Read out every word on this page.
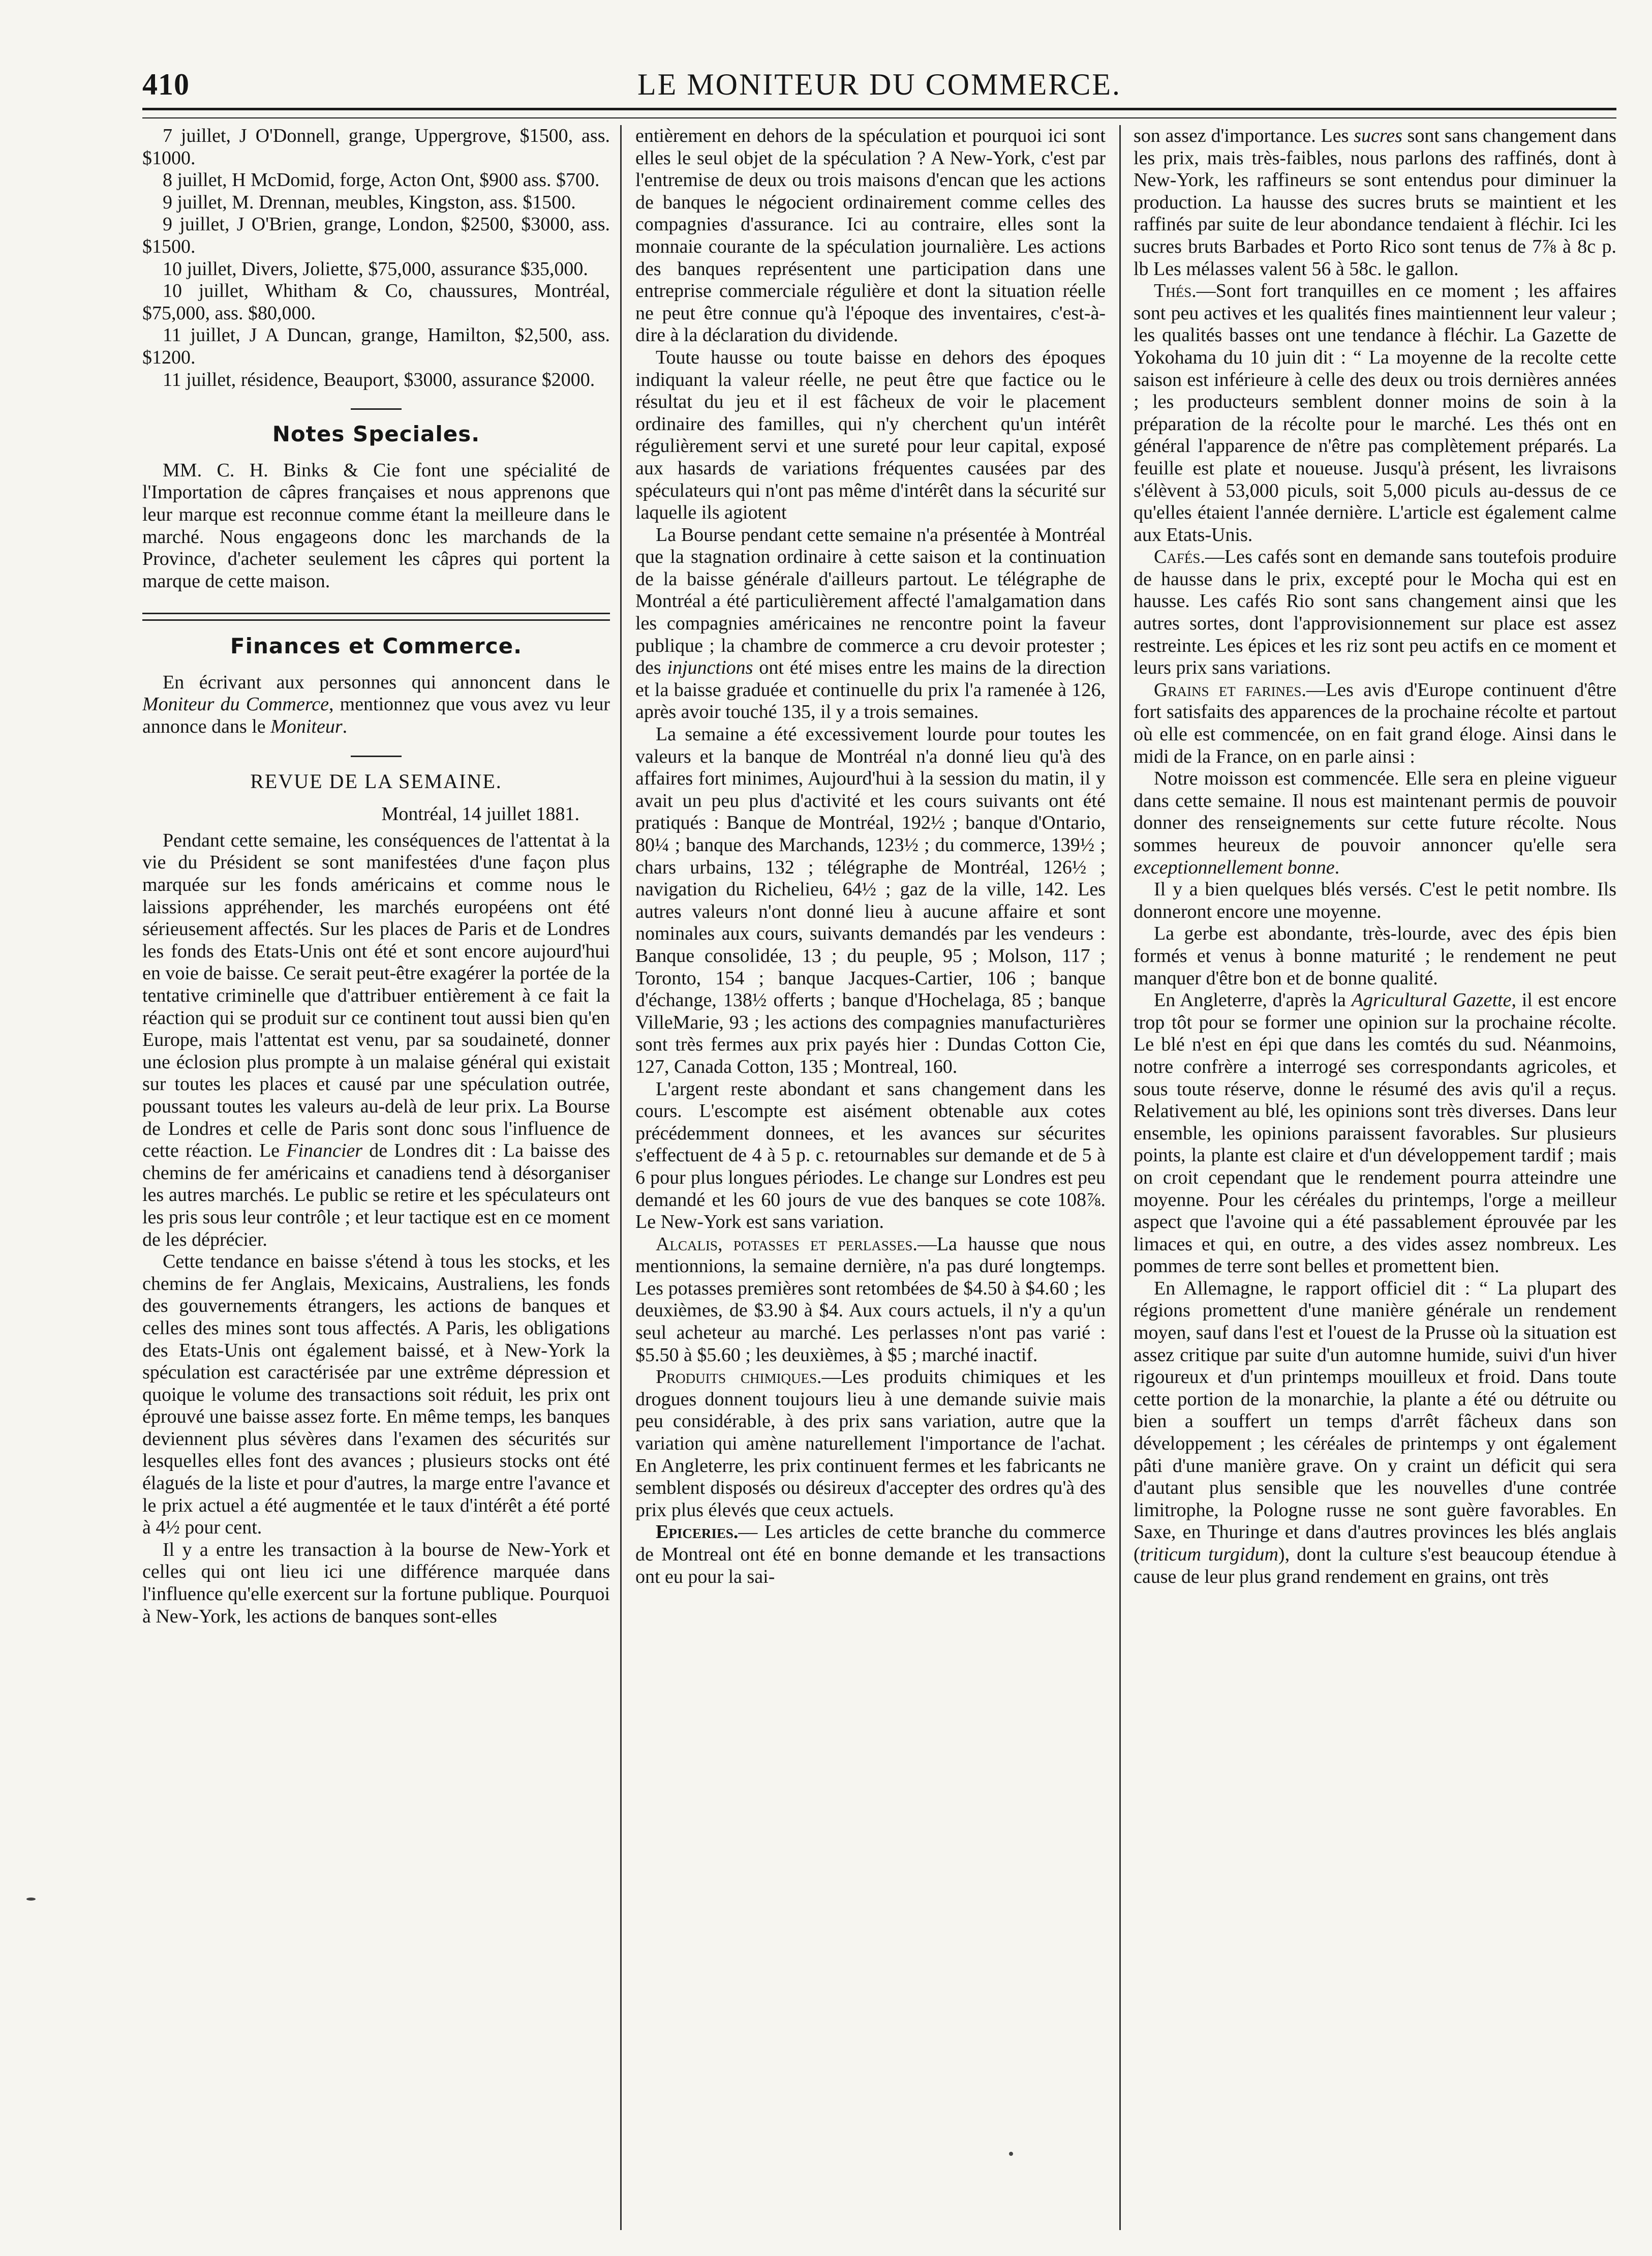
410	LE MONITEUR DU COMMERCE.

7 juillet, J O'Donnell, grange, Uppergrove, $1500, ass. $1000.

8 juillet, H McDomid, forge, Acton Ont, $900 ass. $700.

9 juillet, M. Drennan, meubles, Kingston, ass. $1500.

9 juillet, J O'Brien, grange, London, $2500, $3000, ass. $1500.

10 juillet, Divers, Joliette, $75,000, assurance $35,000.

10 juillet, Whitham & Co, chaussures, Montréal, $75,000, ass. $80,000.

11 juillet, J A Duncan, grange, Hamilton, $2,500, ass. $1200.

11 juillet, résidence, Beauport, $3000, assurance $2000.

Notes Speciales.

MM. C. H. Binks & Cie font une spécialité de l'Importation de câpres françaises et nous apprenons que leur marque est reconnue comme étant la meilleure dans le marché. Nous engageons donc les marchands de la Province, d'acheter seulement les câpres qui portent la marque de cette maison.

Finances et Commerce.

En écrivant aux personnes qui annoncent dans le Moniteur du Commerce, mentionnez que vous avez vu leur annonce dans le Moniteur.

REVUE DE LA SEMAINE.
Montréal, 14 juillet 1881.

Pendant cette semaine, les conséquences de l'attentat à la vie du Président se sont manifestées d'une façon plus marquée sur les fonds américains et comme nous le laissions appréhender, les marchés européens ont été sérieusement affectés. Sur les places de Paris et de Londres les fonds des Etats-Unis ont été et sont encore aujourd'hui en voie de baisse. Ce serait peut-être exagérer la portée de la tentative criminelle que d'attribuer entièrement à ce fait la réaction qui se produit sur ce continent tout aussi bien qu'en Europe, mais l'attentat est venu, par sa soudaineté, donner une éclosion plus prompte à un malaise général qui existait sur toutes les places et causé par une spéculation outrée, poussant toutes les valeurs au-delà de leur prix. La Bourse de Londres et celle de Paris sont donc sous l'influence de cette réaction. Le Financier de Londres dit : La baisse des chemins de fer américains et canadiens tend à désorganiser les autres marchés. Le public se retire et les spéculateurs ont les pris sous leur contrôle ; et leur tactique est en ce moment de les déprécier.

Cette tendance en baisse s'étend à tous les stocks, et les chemins de fer Anglais, Mexicains, Australiens, les fonds des gouvernements étrangers, les actions de banques et celles des mines sont tous affectés. A Paris, les obligations des Etats-Unis ont également baissé, et à New-York la spéculation est caractérisée par une extrême dépression et quoique le volume des transactions soit réduit, les prix ont éprouvé une baisse assez forte. En même temps, les banques deviennent plus sévères dans l'examen des sécurités sur lesquelles elles font des avances ; plusieurs stocks ont été élagués de la liste et pour d'autres, la marge entre l'avance et le prix actuel a été augmentée et le taux d'intérêt a été porté à 4½ pour cent.

Il y a entre les transaction à la bourse de New-York et celles qui ont lieu ici une différence marquée dans l'influence qu'elle exercent sur la fortune publique. Pourquoi à New-York, les actions de banques sont-elles

entièrement en dehors de la spéculation et pourquoi ici sont elles le seul objet de la spéculation ? A New-York, c'est par l'entremise de deux ou trois maisons d'encan que les actions de banques le négocient ordinairement comme celles des compagnies d'assurance. Ici au contraire, elles sont la monnaie courante de la spéculation journalière. Les actions des banques représentent une participation dans une entreprise commerciale régulière et dont la situation réelle ne peut être connue qu'à l'époque des inventaires, c'est-à-dire à la déclaration du dividende.

Toute hausse ou toute baisse en dehors des époques indiquant la valeur réelle, ne peut être que factice ou le résultat du jeu et il est fâcheux de voir le placement ordinaire des familles, qui n'y cherchent qu'un intérêt régulièrement servi et une sureté pour leur capital, exposé aux hasards de variations fréquentes causées par des spéculateurs qui n'ont pas même d'intérêt dans la sécurité sur laquelle ils agiotent

La Bourse pendant cette semaine n'a présentée à Montréal que la stagnation ordinaire à cette saison et la continuation de la baisse générale d'ailleurs partout. Le télégraphe de Montréal a été particulièrement affecté l'amalgamation dans les compagnies américaines ne rencontre point la faveur publique ; la chambre de commerce a cru devoir protester ; des injunctions ont été mises entre les mains de la direction et la baisse graduée et continuelle du prix l'a ramenée à 126, après avoir touché 135, il y a trois semaines.

La semaine a été excessivement lourde pour toutes les valeurs et la banque de Montréal n'a donné lieu qu'à des affaires fort minimes, Aujourd'hui à la session du matin, il y avait un peu plus d'activité et les cours suivants ont été pratiqués : Banque de Montréal, 192½ ; banque d'Ontario, 80¼ ; banque des Marchands, 123½ ; du commerce, 139½ ; chars urbains, 132 ; télégraphe de Montréal, 126½ ; navigation du Richelieu, 64½ ; gaz de la ville, 142. Les autres valeurs n'ont donné lieu à aucune affaire et sont nominales aux cours, suivants demandés par les vendeurs : Banque consolidée, 13 ; du peuple, 95 ; Molson, 117 ; Toronto, 154 ; banque Jacques-Cartier, 106 ; banque d'échange, 138½ offerts ; banque d'Hochelaga, 85 ; banque VilleMarie, 93 ; les actions des compagnies manufacturières sont très fermes aux prix payés hier : Dundas Cotton Cie, 127, Canada Cotton, 135 ; Montreal, 160.

L'argent reste abondant et sans changement dans les cours. L'escompte est aisément obtenable aux cotes précédemment donnees, et les avances sur sécurites s'effectuent de 4 à 5 p. c. retournables sur demande et de 5 à 6 pour plus longues périodes. Le change sur Londres est peu demandé et les 60 jours de vue des banques se cote 108⅞. Le New-York est sans variation.

Alcalis, potasses et perlasses.—La hausse que nous mentionnions, la semaine dernière, n'a pas duré longtemps. Les potasses premières sont retombées de $4.50 à $4.60 ; les deuxièmes, de $3.90 à $4. Aux cours actuels, il n'y a qu'un seul acheteur au marché. Les perlasses n'ont pas varié : $5.50 à $5.60 ; les deuxièmes, à $5 ; marché inactif.

Produits chimiques.—Les produits chimiques et les drogues donnent toujours lieu à une demande suivie mais peu considérable, à des prix sans variation, autre que la variation qui amène naturellement l'importance de l'achat. En Angleterre, les prix continuent fermes et les fabricants ne semblent disposés ou désireux d'accepter des ordres qu'à des prix plus élevés que ceux actuels.

Epiceries.— Les articles de cette branche du commerce de Montreal ont été en bonne demande et les transactions ont eu pour la sai-

son assez d'importance. Les sucres sont sans changement dans les prix, mais très-faibles, nous parlons des raffinés, dont à New-York, les raffineurs se sont entendus pour diminuer la production. La hausse des sucres bruts se maintient et les raffinés par suite de leur abondance tendaient à fléchir. Ici les sucres bruts Barbades et Porto Rico sont tenus de 7⅞ à 8c p. lb Les mélasses valent 56 à 58c. le gallon.

Thés.—Sont fort tranquilles en ce moment ; les affaires sont peu actives et les qualités fines maintiennent leur valeur ; les qualités basses ont une tendance à fléchir. La Gazette de Yokohama du 10 juin dit : “ La moyenne de la recolte cette saison est inférieure à celle des deux ou trois dernières années ; les producteurs semblent donner moins de soin à la préparation de la récolte pour le marché. Les thés ont en général l'apparence de n'être pas complètement préparés. La feuille est plate et noueuse. Jusqu'à présent, les livraisons s'élèvent à 53,000 piculs, soit 5,000 piculs au-dessus de ce qu'elles étaient l'année dernière. L'article est également calme aux Etats-Unis.

Cafés.—Les cafés sont en demande sans toutefois produire de hausse dans le prix, excepté pour le Mocha qui est en hausse. Les cafés Rio sont sans changement ainsi que les autres sortes, dont l'approvisionnement sur place est assez restreinte. Les épices et les riz sont peu actifs en ce moment et leurs prix sans variations.

Grains et farines.—Les avis d'Europe continuent d'être fort satisfaits des apparences de la prochaine récolte et partout où elle est commencée, on en fait grand éloge. Ainsi dans le midi de la France, on en parle ainsi :

Notre moisson est commencée. Elle sera en pleine vigueur dans cette semaine. Il nous est maintenant permis de pouvoir donner des renseignements sur cette future récolte. Nous sommes heureux de pouvoir annoncer qu'elle sera exceptionnellement bonne.

Il y a bien quelques blés versés. C'est le petit nombre. Ils donneront encore une moyenne.

La gerbe est abondante, très-lourde, avec des épis bien formés et venus à bonne maturité ; le rendement ne peut manquer d'être bon et de bonne qualité.

En Angleterre, d'après la Agricultural Gazette, il est encore trop tôt pour se former une opinion sur la prochaine récolte. Le blé n'est en épi que dans les comtés du sud. Néanmoins, notre confrère a interrogé ses correspondants agricoles, et sous toute réserve, donne le résumé des avis qu'il a reçus. Relativement au blé, les opinions sont très diverses. Dans leur ensemble, les opinions paraissent favorables. Sur plusieurs points, la plante est claire et d'un développement tardif ; mais on croit cependant que le rendement pourra atteindre une moyenne. Pour les céréales du printemps, l'orge a meilleur aspect que l'avoine qui a été passablement éprouvée par les limaces et qui, en outre, a des vides assez nombreux. Les pommes de terre sont belles et promettent bien.

En Allemagne, le rapport officiel dit : “ La plupart des régions promettent d'une manière générale un rendement moyen, sauf dans l'est et l'ouest de la Prusse où la situation est assez critique par suite d'un automne humide, suivi d'un hiver rigoureux et d'un printemps mouilleux et froid. Dans toute cette portion de la monarchie, la plante a été ou détruite ou bien a souffert un temps d'arrêt fâcheux dans son développement ; les céréales de printemps y ont également pâti d'une manière grave. On y craint un déficit qui sera d'autant plus sensible que les nouvelles d'une contrée limitrophe, la Pologne russe ne sont guère favorables. En Saxe, en Thuringe et dans d'autres provinces les blés anglais (triticum turgidum), dont la culture s'est beaucoup étendue à cause de leur plus grand rendement en grains, ont très
